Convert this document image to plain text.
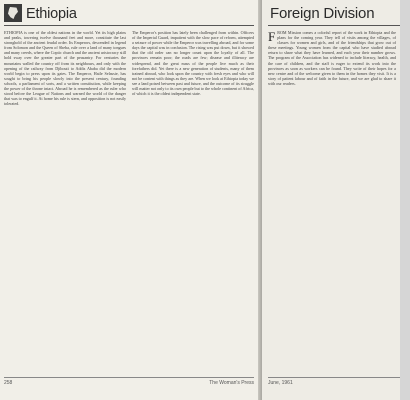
Ethiopia
ETHIOPIA is one of the oldest nations in the world. Yet its high plains and peaks, towering twelve thousand feet and more, constitute the last stronghold of the ancient feudal order. Its Emperors, descended in legend from Solomon and the Queen of Sheba, rule over a land of many tongues and many creeds, where the Coptic church and the ancient aristocracy still hold sway over the greater part of the peasantry. For centuries the mountains walled the country off from its neighbours, and only with the opening of the railway from Djibouti to Addis Ababa did the modern world begin to press upon its gates. The Emperor, Haile Selassie, has sought to bring his people slowly into the present century, founding schools, a parliament of sorts, and a written constitution, while keeping the power of the throne intact. Abroad he is remembered as the ruler who stood before the League of Nations and warned the world of the danger that was to engulf it. At home his rule is stern, and opposition is not easily tolerated.
The Emperor's position has lately been challenged from within. Officers of the Imperial Guard, impatient with the slow pace of reform, attempted a seizure of power while the Emperor was travelling abroad, and for some days the capital was in confusion. The rising was put down, but it showed that the old order can no longer count upon the loyalty of all. The provinces remain poor; the roads are few; disease and illiteracy are widespread, and the great mass of the people live much as their forefathers did. Yet there is a new generation of students, many of them trained abroad, who look upon the country with fresh eyes and who will not be content with things as they are. When we look at Ethiopia today we see a land poised between past and future, and the outcome of its struggle will matter not only to its own people but to the whole continent of Africa, of which it is the oldest independent state.
258	The Woman's Press
Foreign Division
FROM Mission comes a colorful report of the work in Ethiopia and the plans for the coming year. They tell of visits among the villages, of classes for women and girls, and of the friendships that grow out of these meetings. Young women from the capital who have studied abroad return to share what they have learned, and each year their number grows. The program of the Association has widened to include literacy, health, and the care of children, and the staff is eager to extend its work into the provinces as soon as workers can be found. They write of their hopes for a new centre and of the welcome given to them in the homes they visit. It is a story of patient labour and of faith in the future, and we are glad to share it with our readers.
June, 1961
